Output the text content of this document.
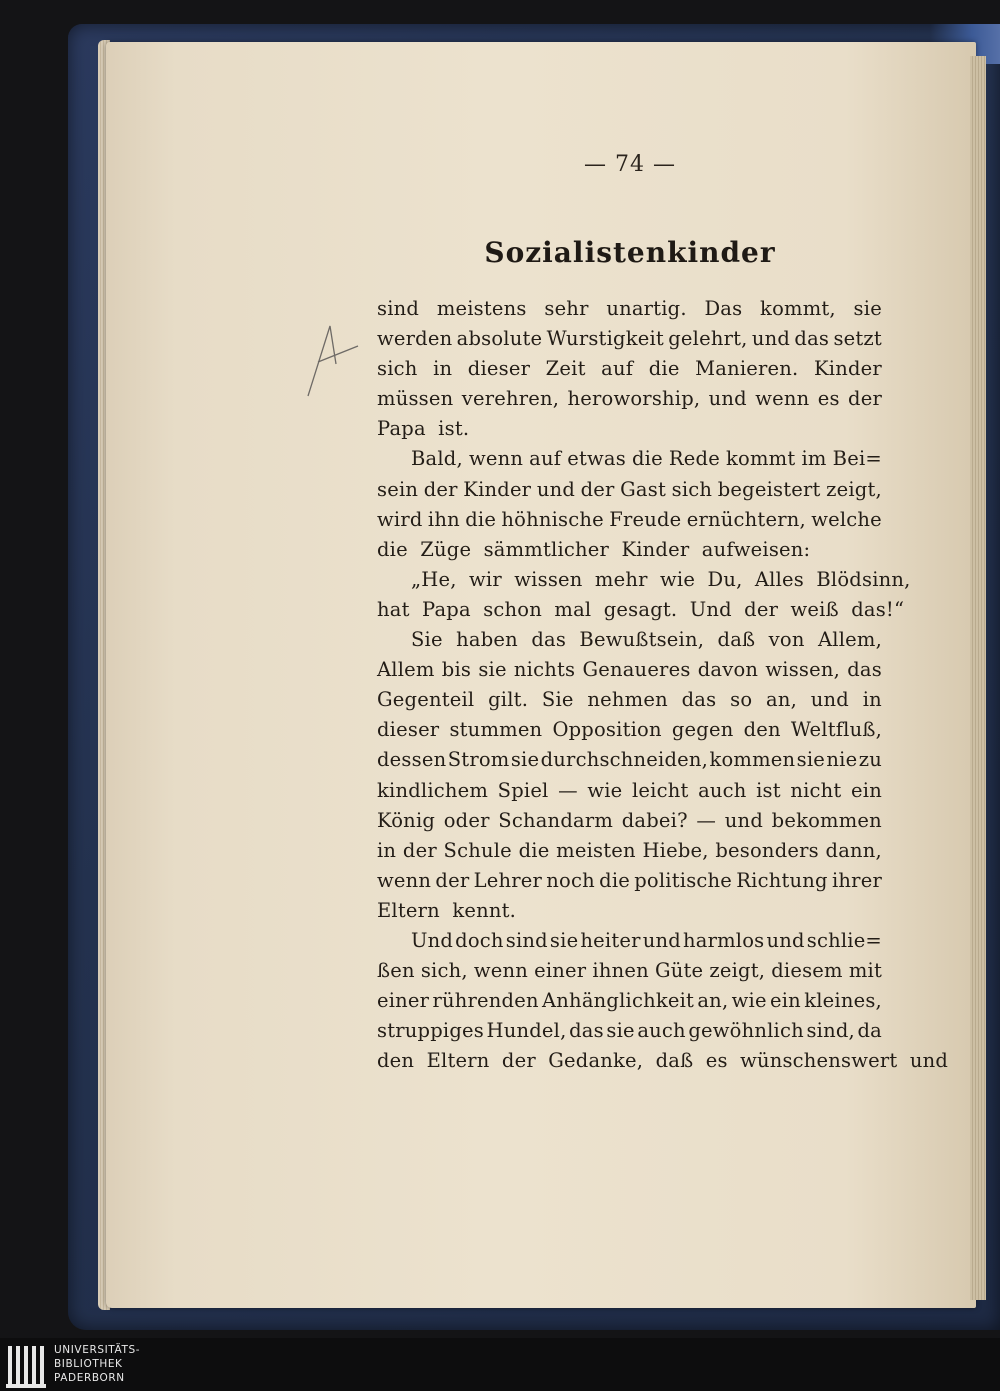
— 74 —
Sozialistenkinder
sind meistens sehr unartig. Das kommt, sie
werden absolute Wurstigkeit gelehrt, und das setzt
sich in dieser Zeit auf die Manieren. Kinder
müssen verehren, heroworship, und wenn es der
Papa ist.
Bald, wenn auf etwas die Rede kommt im Bei=
sein der Kinder und der Gast sich begeistert zeigt,
wird ihn die höhnische Freude ernüchtern, welche
die Züge sämmtlicher Kinder aufweisen:
„He, wir wissen mehr wie Du, Alles Blödsinn,
hat Papa schon mal gesagt. Und der weiß das!“
Sie haben das Bewußtsein, daß von Allem,
Allem bis sie nichts Genaueres davon wissen, das
Gegenteil gilt. Sie nehmen das so an, und in
dieser stummen Opposition gegen den Weltfluß,
dessen Strom sie durchschneiden, kommen sie nie zu
kindlichem Spiel — wie leicht auch ist nicht ein
König oder Schandarm dabei? — und bekommen
in der Schule die meisten Hiebe, besonders dann,
wenn der Lehrer noch die politische Richtung ihrer
Eltern kennt.
Und doch sind sie heiter und harmlos und schlie=
ßen sich, wenn einer ihnen Güte zeigt, diesem mit
einer rührenden Anhänglichkeit an, wie ein kleines,
struppiges Hundel, das sie auch gewöhnlich sind, da
den Eltern der Gedanke, daß es wünschenswert und
UNIVERSITÄTS-
BIBLIOTHEK
PADERBORN
